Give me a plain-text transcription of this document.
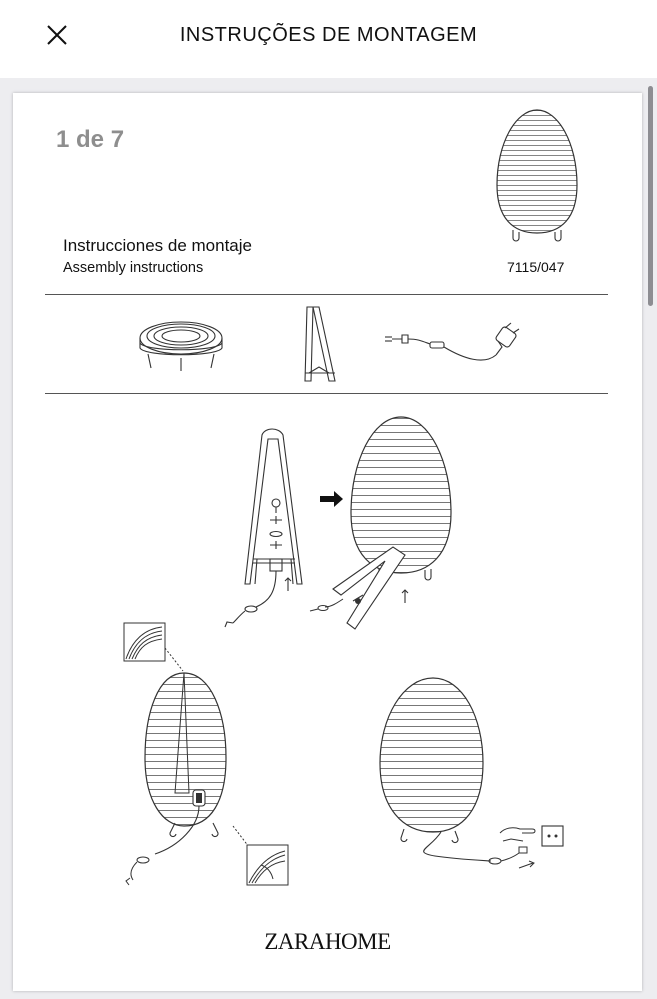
INSTRUÇÕES DE MONTAGEM
1 de 7
Instrucciones de montaje
Assembly instructions	7115/047
ZARAHOME
